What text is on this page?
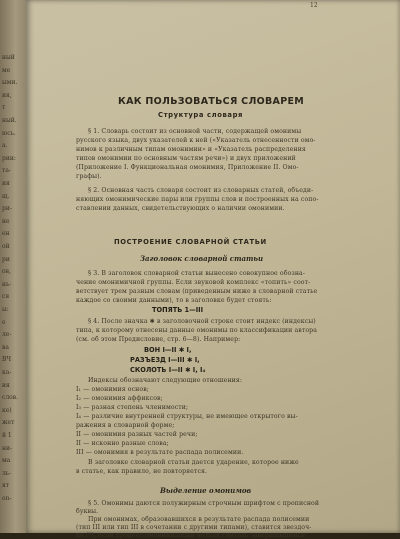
ный
ме
ыми.
ия,
т
ный.
юсь.
а.
рии:
та-
ия
щ.
ри-
не
ен
ой
ри
ов,
нь-
ся
ы:
е
ле-
ва
ВЧ
ка-
ия
слов.
ке)
жет
й 1
ни-
ма
ль-
ят
on-
12
КАК ПОЛЬЗОВАТЬСЯ СЛОВАРЕМ
Структура словаря
§ 1. Словарь состоит из основной части, содержащей омонимы
русского языка, двух указателей к ней («Указатель отнесенности омо-
нимов к различным типам омонимии» и «Указатель распределения
типов омонимии по основным частям речи») и двух приложений
(Приложение I. Функциональная омонимия, Приложение II. Омо-
графы).
§ 2. Основная часть словаря состоит из словарных статей, объеди-
няющих омонимические пары или группы слов и построенных на сопо-
ставлении данных, свидетельствующих о наличии омонимии.
ПОСТРОЕНИЕ СЛОВАРНОЙ СТАТЬИ
Заголовок словарной статьи
§ 3. В заголовок словарной статьи вынесено совокупное обозна-
чение омонимичной группы. Если звуковой комплекс «топить» соот-
ветствует трем разным словам (приведенным ниже в словарной статье
каждое со своими данными), то в заголовке будет стоять:
ТОПЯТЬ 1—III
§ 4. После значка ✱ в заголовочной строке стоит индекс (индексы)
типа, к которому отнесены данные омонимы по классификации автора
(см. об этом Предисловие, стр. 6—8). Например:
ВОН I—II ✱ I,
РАЗЪЕЗД I—III ✱ I,
СКОЛОТЬ I—II ✱ I, I₄
Индексы обозначают следующие отношения:
I₁ — омонимия основ;
I₂ — омонимия аффиксов;
I₃ — разная степень членимости;
I₄ — различие внутренней структуры, не имеющее открытого вы-
ражения в словарной форме;
II — омонимия разных частей речи;
II — исконно разные слова;
III — омонимия в результате распада полисемии.
В заголовке словарной статьи дается ударение, которое ниже
в статье, как правило, не повторяется.
Выделение омонимов
§ 5. Омонимы даются полужирным строчным шрифтом с прописной
буквы.
При омонимах, образовавшихся в результате распада полисемии
(тип III или тип III в сочетании с другими типами), ставится звездоч-
ка (*), если процесс омонимизации нельзя считать завершившимся
